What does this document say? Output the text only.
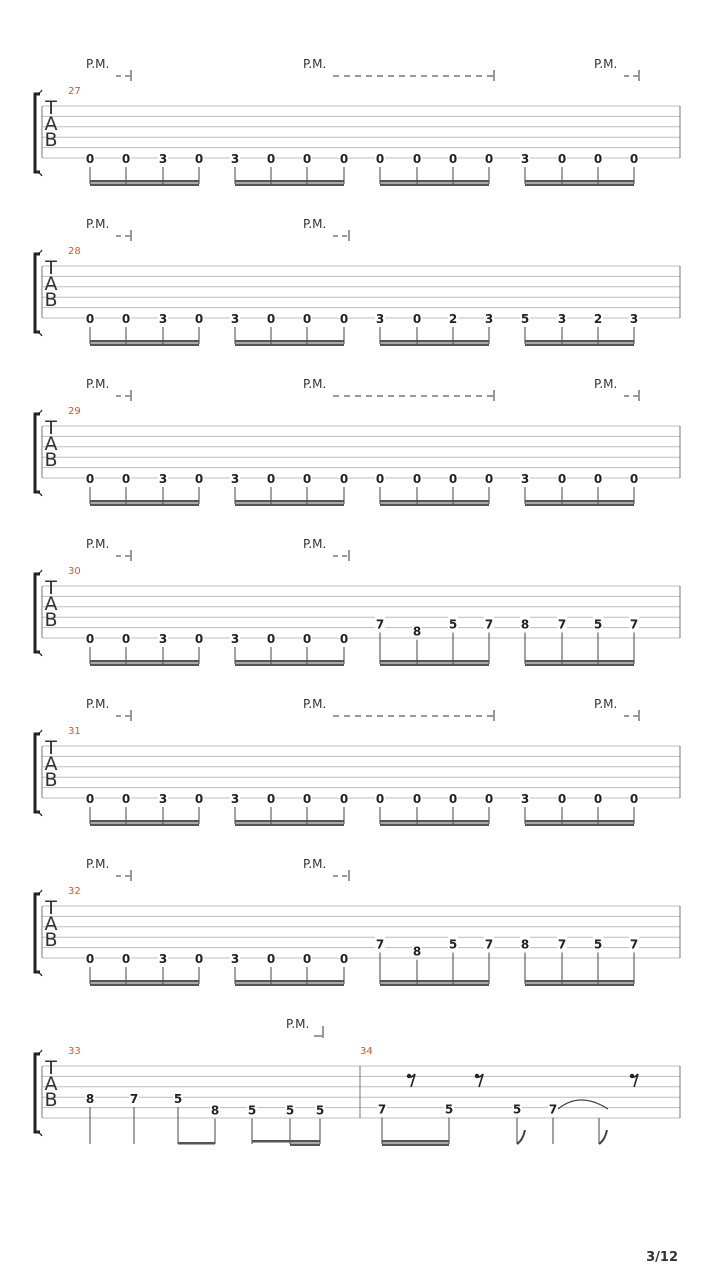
T
A
B
27
P.M.	P.M.	P.M.
0 0 3 0 3 0 0 0 0 0 0 0 3 0 0 0
T
A
B
28
P.M.	P.M.
0 0 3 0 3 0 0 0 3 0 2 3 5 3 2 3
T
A
B
29
P.M.	P.M.	P.M.
0 0 3 0 3 0 0 0 0 0 0 0 3 0 0 0
T
A
B
30
P.M.	P.M.
0 0 3 0 3 0 0 0
7
8
5 7 8 7 5 7
T
A
B
31
P.M.	P.M.	P.M.
0 0 3 0 3 0 0 0 0 0 0 0 3 0 0 0
T
A
B
32
P.M.	P.M.
0 0 3 0 3 0 0 0
7
8
5 7 8 7 5 7
T
A
B
33	34
P.M.
8	7	5
8 5 5 5	7	5	5 7
3/12
